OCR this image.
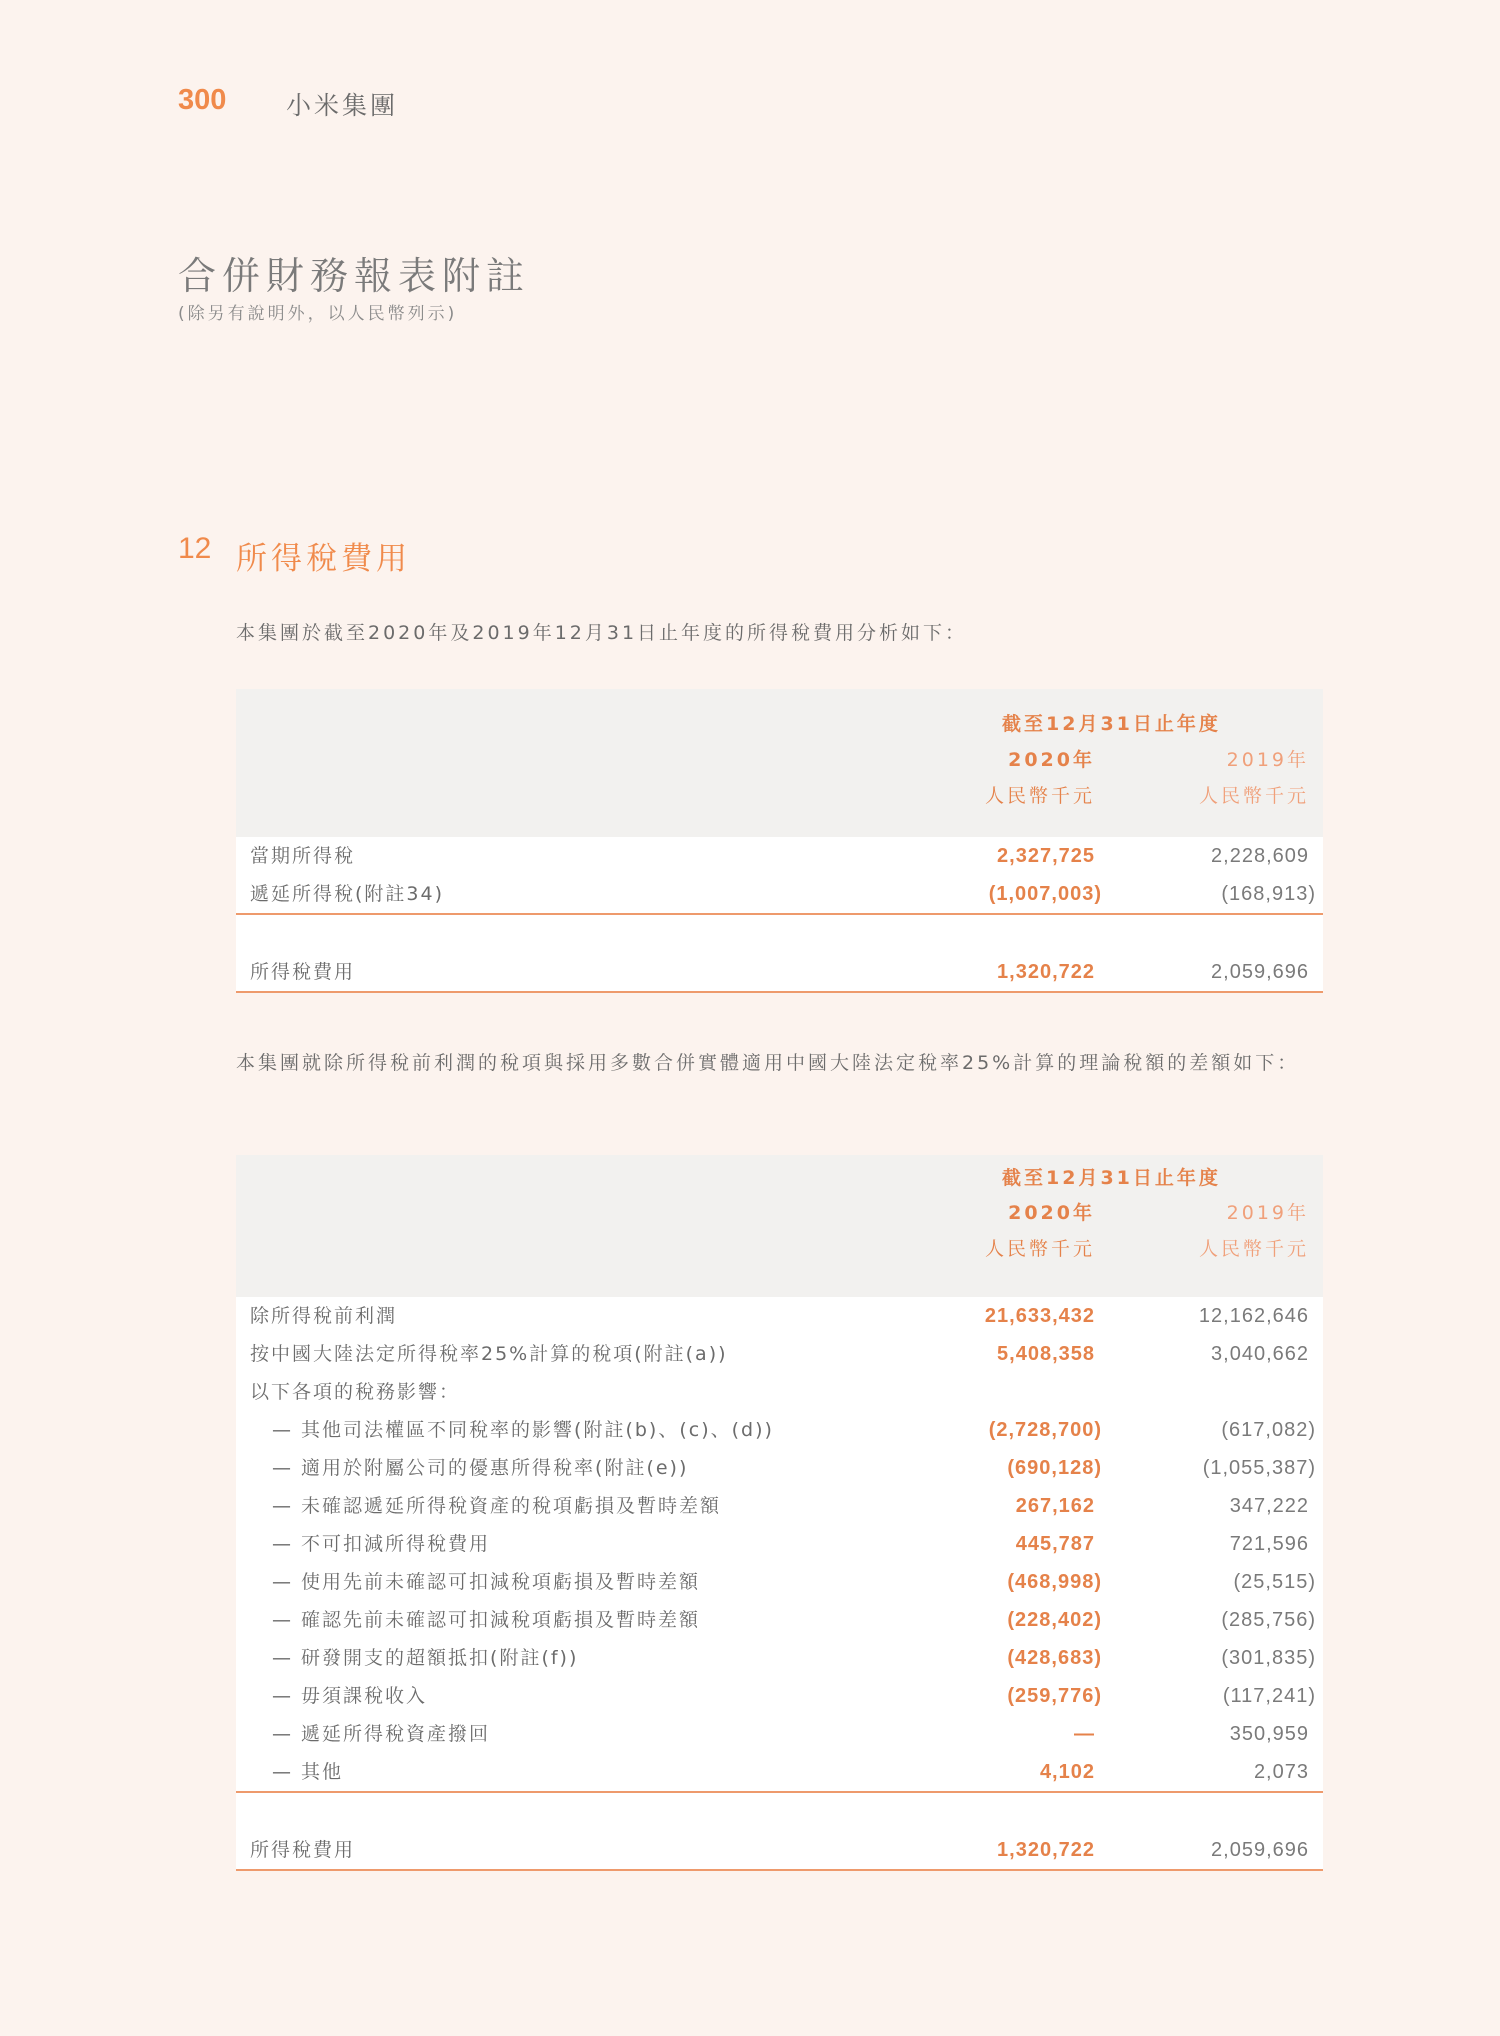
300 小米集團
合併財務報表附註
(除另有說明外，以人民幣列示)
12 所得稅費用
本集團於截至2020年及2019年12月31日止年度的所得稅費用分析如下：
截至12月31日止年度
2020年	2019年
人民幣千元	人民幣千元
當期所得稅	2,327,725	2,228,609
遞延所得稅(附註34)	(1,007,003)	(168,913)
所得稅費用	1,320,722	2,059,696
本集團就除所得稅前利潤的稅項與採用多數合併實體適用中國大陸法定稅率25%計算的理論稅額的差額如下：
截至12月31日止年度
2020年	2019年
人民幣千元	人民幣千元
除所得稅前利潤	21,633,432	12,162,646
按中國大陸法定所得稅率25%計算的稅項(附註(a))	5,408,358	3,040,662
以下各項的稅務影響：
— 其他司法權區不同稅率的影響(附註(b)、(c)、(d))	(2,728,700)	(617,082)
— 適用於附屬公司的優惠所得稅率(附註(e))	(690,128)	(1,055,387)
— 未確認遞延所得稅資產的稅項虧損及暫時差額	267,162	347,222
— 不可扣減所得稅費用	445,787	721,596
— 使用先前未確認可扣減稅項虧損及暫時差額	(468,998)	(25,515)
— 確認先前未確認可扣減稅項虧損及暫時差額	(228,402)	(285,756)
— 研發開支的超額抵扣(附註(f))	(428,683)	(301,835)
— 毋須課稅收入	(259,776)	(117,241)
— 遞延所得稅資產撥回	—	350,959
— 其他	4,102	2,073
所得稅費用	1,320,722	2,059,696
